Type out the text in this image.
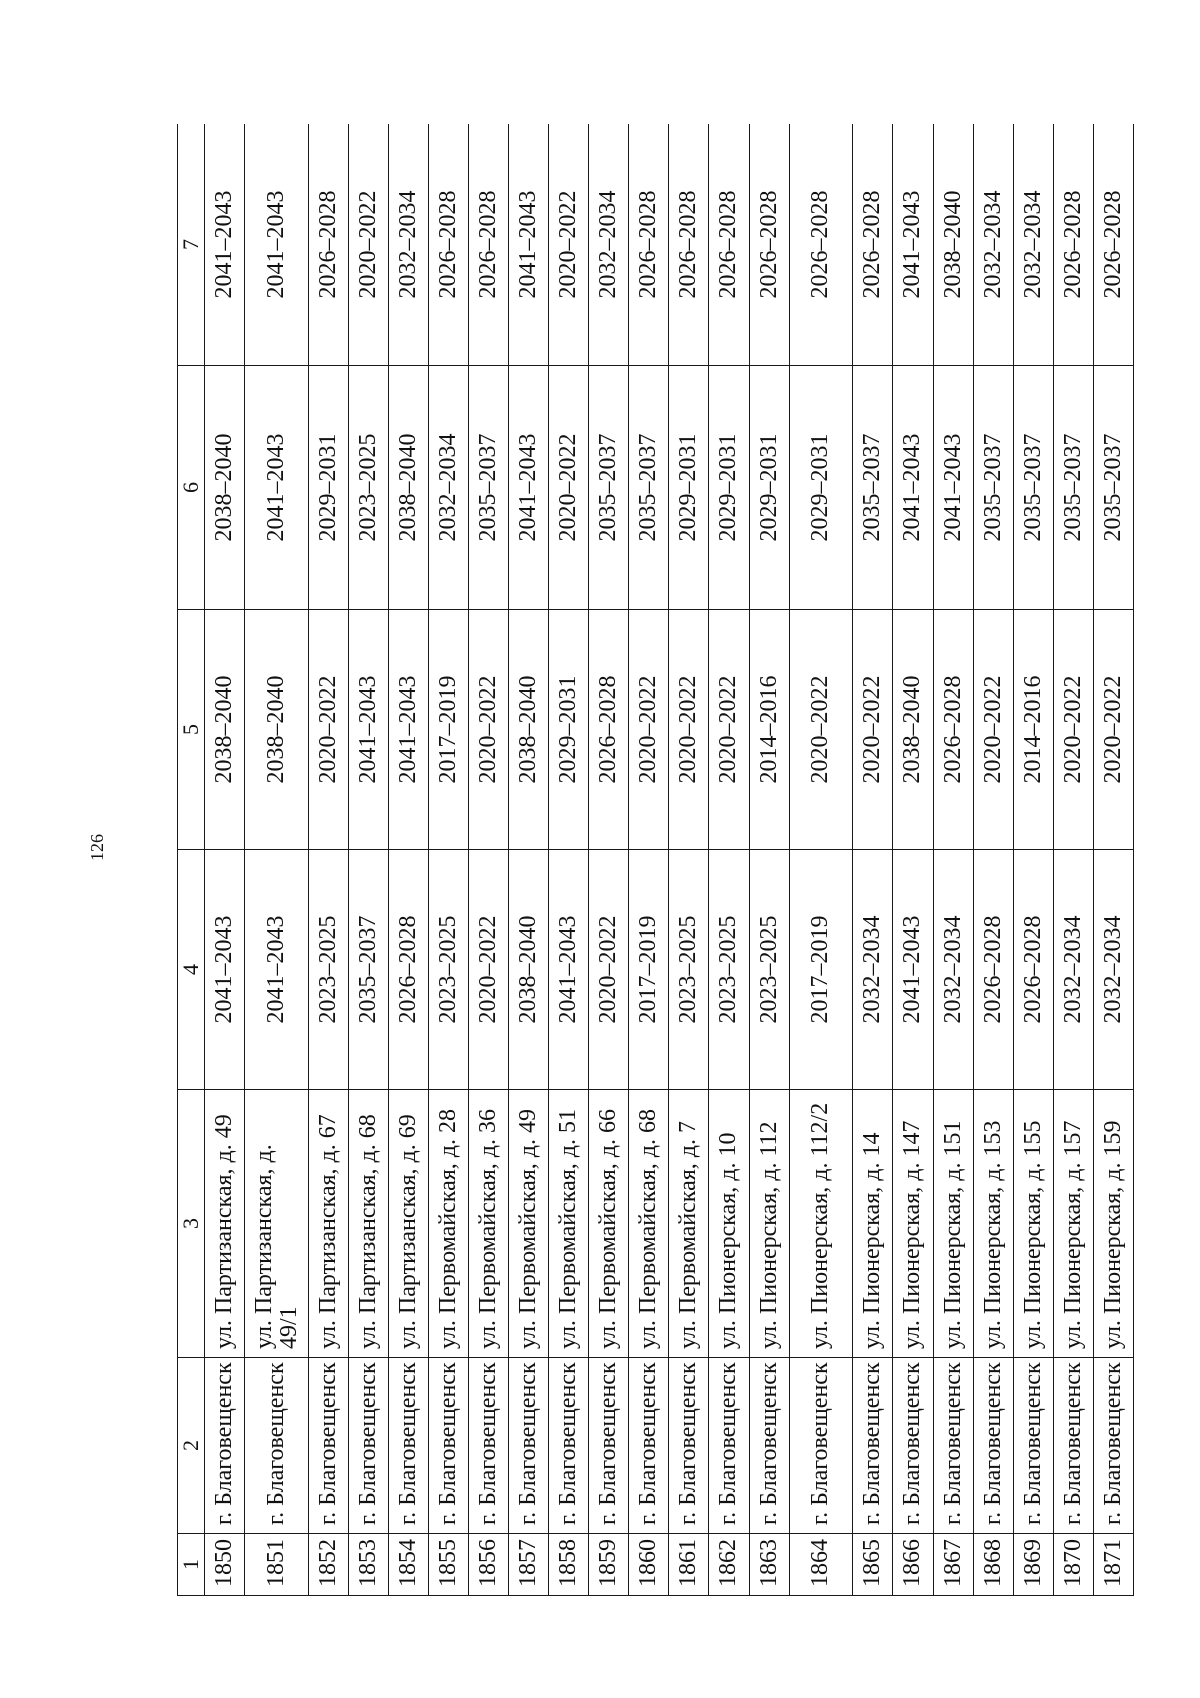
126
1	2	3	4	5	6	7
1850	г. Благовещенск	ул. Партизанская, д. 49	2041–2043	2038–2040	2038–2040	2041–2043
1851	г. Благовещенск	ул. Партизанская, д. 49/1	2041–2043	2038–2040	2041–2043	2041–2043
1852	г. Благовещенск	ул. Партизанская, д. 67	2023–2025	2020–2022	2029–2031	2026–2028
1853	г. Благовещенск	ул. Партизанская, д. 68	2035–2037	2041–2043	2023–2025	2020–2022
1854	г. Благовещенск	ул. Партизанская, д. 69	2026–2028	2041–2043	2038–2040	2032–2034
1855	г. Благовещенск	ул. Первомайская, д. 28	2023–2025	2017–2019	2032–2034	2026–2028
1856	г. Благовещенск	ул. Первомайская, д. 36	2020–2022	2020–2022	2035–2037	2026–2028
1857	г. Благовещенск	ул. Первомайская, д. 49	2038–2040	2038–2040	2041–2043	2041–2043
1858	г. Благовещенск	ул. Первомайская, д. 51	2041–2043	2029–2031	2020–2022	2020–2022
1859	г. Благовещенск	ул. Первомайская, д. 66	2020–2022	2026–2028	2035–2037	2032–2034
1860	г. Благовещенск	ул. Первомайская, д. 68	2017–2019	2020–2022	2035–2037	2026–2028
1861	г. Благовещенск	ул. Первомайская, д. 7	2023–2025	2020–2022	2029–2031	2026–2028
1862	г. Благовещенск	ул. Пионерская, д. 10	2023–2025	2020–2022	2029–2031	2026–2028
1863	г. Благовещенск	ул. Пионерская, д. 112	2023–2025	2014–2016	2029–2031	2026–2028
1864	г. Благовещенск	ул. Пионерская, д. 112/2	2017–2019	2020–2022	2029–2031	2026–2028
1865	г. Благовещенск	ул. Пионерская, д. 14	2032–2034	2020–2022	2035–2037	2026–2028
1866	г. Благовещенск	ул. Пионерская, д. 147	2041–2043	2038–2040	2041–2043	2041–2043
1867	г. Благовещенск	ул. Пионерская, д. 151	2032–2034	2026–2028	2041–2043	2038–2040
1868	г. Благовещенск	ул. Пионерская, д. 153	2026–2028	2020–2022	2035–2037	2032–2034
1869	г. Благовещенск	ул. Пионерская, д. 155	2026–2028	2014–2016	2035–2037	2032–2034
1870	г. Благовещенск	ул. Пионерская, д. 157	2032–2034	2020–2022	2035–2037	2026–2028
1871	г. Благовещенск	ул. Пионерская, д. 159	2032–2034	2020–2022	2035–2037	2026–2028
